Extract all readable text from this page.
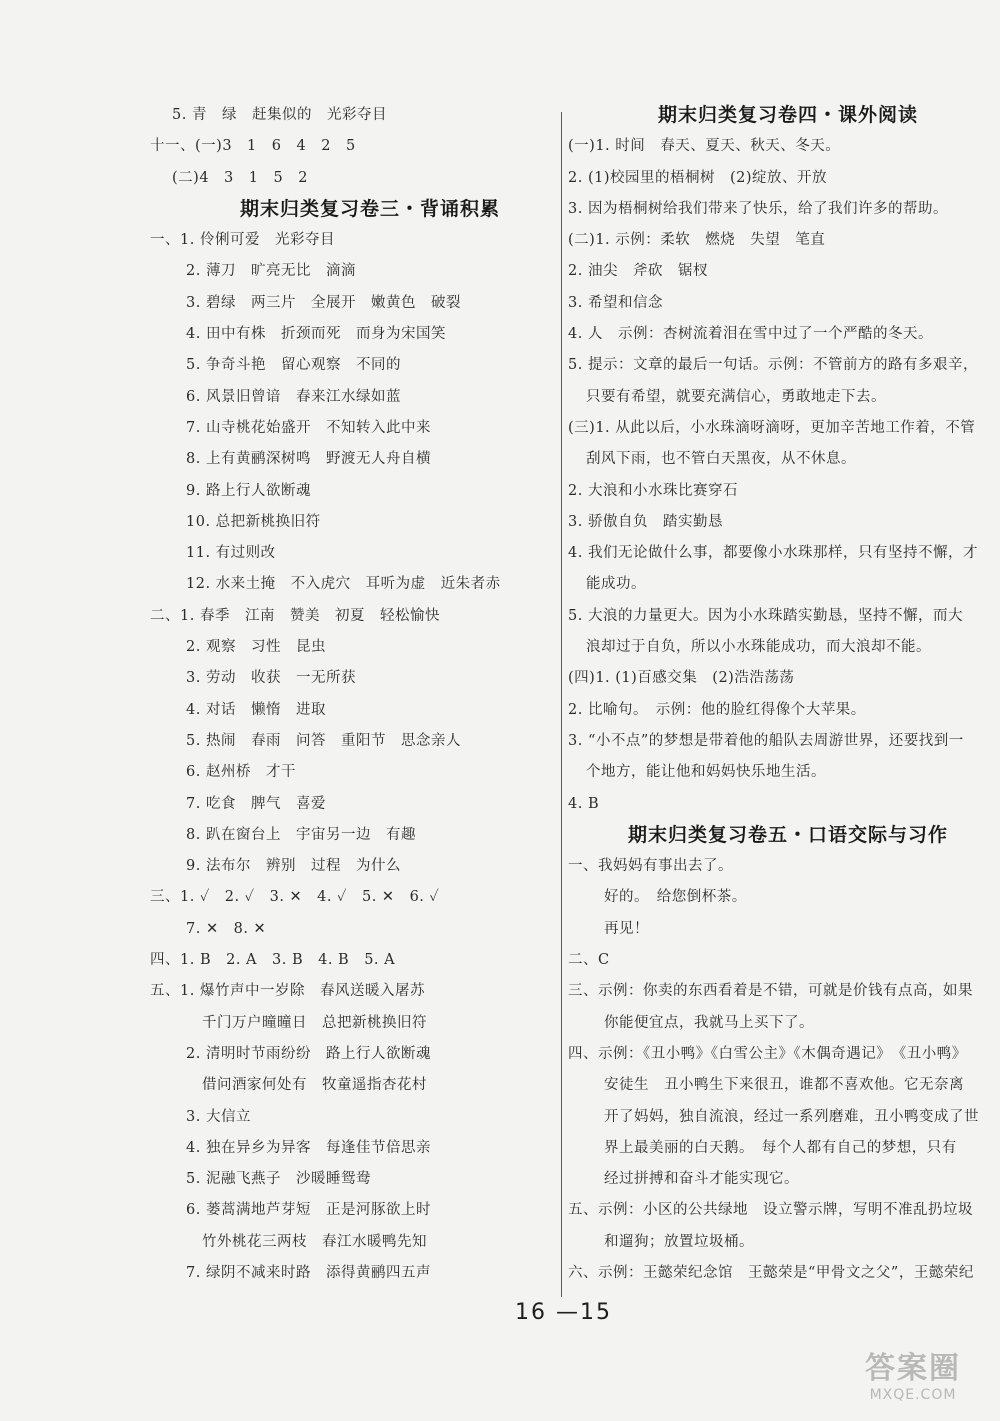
5. 青　绿　赶集似的　光彩夺目
十一、(一)3　1　6　4　2　5
(二)4　3　1　5　2
期末归类复习卷三・背诵积累
一、1. 伶俐可爱　光彩夺目
2. 薄刀　旷亮无比　滴滴
3. 碧绿　两三片　全展开　嫩黄色　破裂
4. 田中有株　折颈而死　而身为宋国笑
5. 争奇斗艳　留心观察　不同的
6. 风景旧曾谙　春来江水绿如蓝
7. 山寺桃花始盛开　不知转入此中来
8. 上有黄鹂深树鸣　野渡无人舟自横
9. 路上行人欲断魂
10. 总把新桃换旧符
11. 有过则改
12. 水来土掩　不入虎穴　耳听为虚　近朱者赤
二、1. 春季　江南　赞美　初夏　轻松愉快
2. 观察　习性　昆虫
3. 劳动　收获　一无所获
4. 对话　懒惰　进取
5. 热闹　春雨　问答　重阳节　思念亲人
6. 赵州桥　才干
7. 吃食　脾气　喜爱
8. 趴在窗台上　宇宙另一边　有趣
9. 法布尔　辨别　过程　为什么
三、1. ✓　2. ✓　3. ✕　4. ✓　5. ✕　6. ✓
7. ✕　8. ✕
四、1. B　2. A　3. B　4. B　5. A
五、1. 爆竹声中一岁除　春风送暖入屠苏
千门万户曈曈日　总把新桃换旧符
2. 清明时节雨纷纷　路上行人欲断魂
借问酒家何处有　牧童遥指杏花村
3. 大信立
4. 独在异乡为异客　每逢佳节倍思亲
5. 泥融飞燕子　沙暖睡鸳鸯
6. 蒌蒿满地芦芽短　正是河豚欲上时
竹外桃花三两枝　春江水暖鸭先知
7. 绿阴不减来时路　添得黄鹂四五声
期末归类复习卷四・课外阅读
(一)1. 时间　春天、夏天、秋天、冬天。
2. (1)校园里的梧桐树　(2)绽放、开放
3. 因为梧桐树给我们带来了快乐，给了我们许多的帮助。
(二)1. 示例：柔软　燃烧　失望　笔直
2. 油尖　斧砍　锯杈
3. 希望和信念
4. 人　示例：杏树流着泪在雪中过了一个严酷的冬天。
5. 提示：文章的最后一句话。示例：不管前方的路有多艰辛，
只要有希望，就要充满信心，勇敢地走下去。
(三)1. 从此以后，小水珠滴呀滴呀，更加辛苦地工作着，不管
刮风下雨，也不管白天黑夜，从不休息。
2. 大浪和小水珠比赛穿石
3. 骄傲自负　踏实勤恳
4. 我们无论做什么事，都要像小水珠那样，只有坚持不懈，才
能成功。
5. 大浪的力量更大。因为小水珠踏实勤恳，坚持不懈，而大
浪却过于自负，所以小水珠能成功，而大浪却不能。
(四)1. (1)百感交集　(2)浩浩荡荡
2. 比喻句。　示例：他的脸红得像个大苹果。
3. “小不点”的梦想是带着他的船队去周游世界，还要找到一
个地方，能让他和妈妈快乐地生活。
4. B
期末归类复习卷五・口语交际与习作
一、我妈妈有事出去了。
好的。　给您倒杯茶。
再见！
二、C
三、示例：你卖的东西看着是不错，可就是价钱有点高，如果
你能便宜点，我就马上买下了。
四、示例：《丑小鸭》《白雪公主》《木偶奇遇记》　《丑小鸭》
安徒生　丑小鸭生下来很丑，谁都不喜欢他。它无奈离
开了妈妈，独自流浪，经过一系列磨难，丑小鸭变成了世
界上最美丽的白天鹅。　每个人都有自己的梦想，只有
经过拼搏和奋斗才能实现它。
五、示例：小区的公共绿地　设立警示牌，写明不准乱扔垃圾
和遛狗；放置垃圾桶。
六、示例：王懿荣纪念馆　王懿荣是“甲骨文之父”，王懿荣纪
16 —15
答案圈
MXQE.COM
